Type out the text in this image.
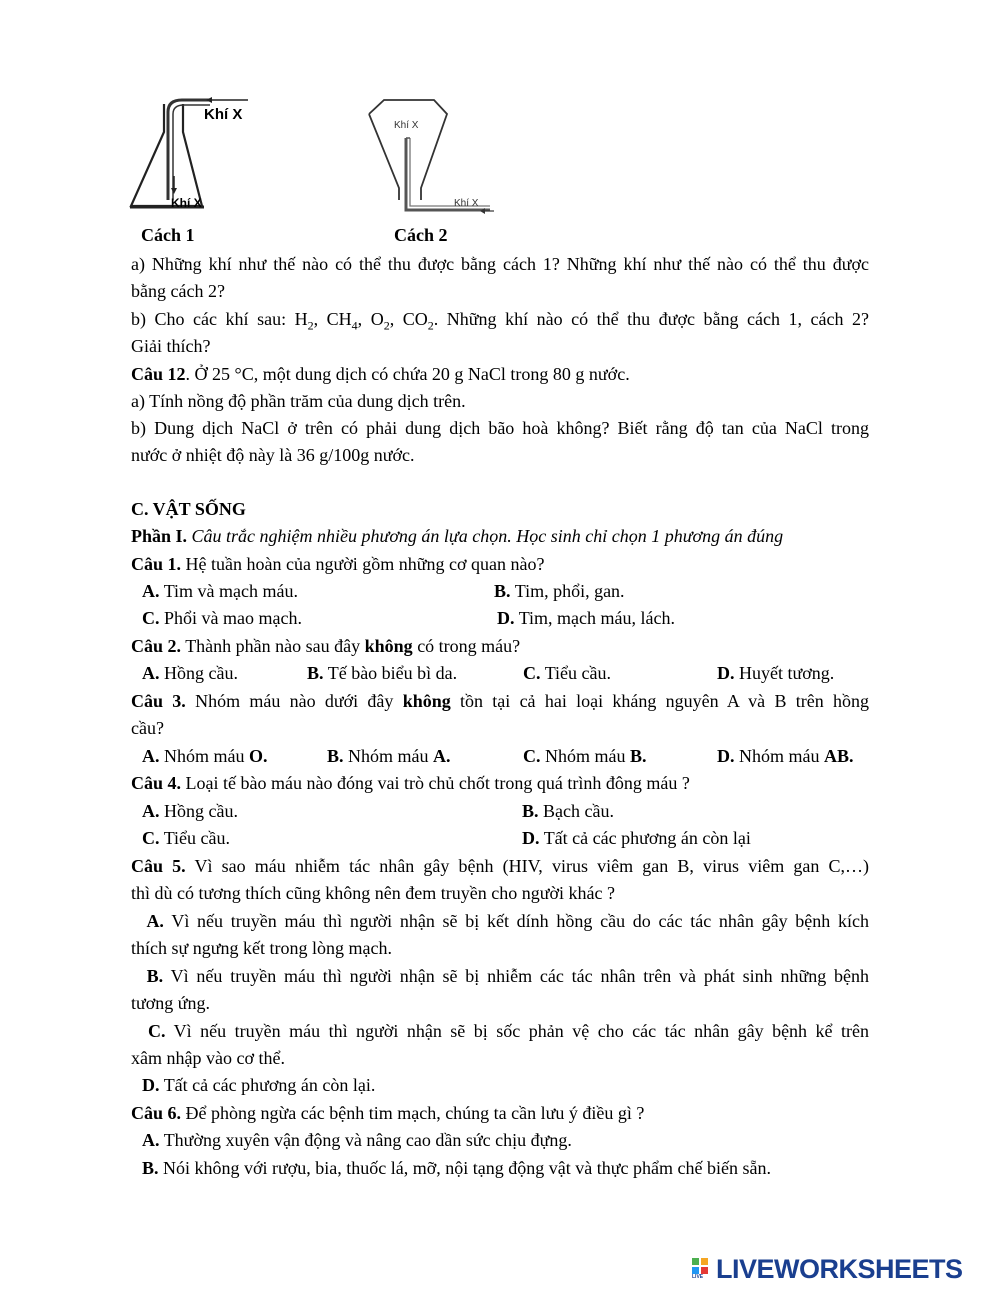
Khí X
Khí X
Khí X
Khí X
Cách 1	Cách 2
a) Những khí như thế nào có thể thu được bằng cách 1? Những khí như thế nào có thể thu được
bằng cách 2?
b) Cho các khí sau: $H_2$, $CH_4$, $O_2$, $CO_2$. Những khí nào có thể thu được bằng cách 1, cách 2?
Giải thích?
Câu 12. Ở 25 °C, một dung dịch có chứa 20 g NaCl trong 80 g nước.
a) Tính nồng độ phần trăm của dung dịch trên.
b) Dung dịch NaCl ở trên có phải dung dịch bão hoà không? Biết rằng độ tan của NaCl trong
nước ở nhiệt độ này là 36 g/100g nước.
C. VẬT SỐNG
Phần I. Câu trắc nghiệm nhiều phương án lựa chọn. Học sinh chỉ chọn 1 phương án đúng
Câu 1. Hệ tuần hoàn của người gồm những cơ quan nào?
A. Tim và mạch máu.	B. Tim, phổi, gan.
C. Phổi và mao mạch.	D. Tim, mạch máu, lách.
Câu 2. Thành phần nào sau đây không có trong máu?
A. Hồng cầu.	B. Tế bào biểu bì da.	C. Tiểu cầu.	D. Huyết tương.
Câu 3. Nhóm máu nào dưới đây không tồn tại cả hai loại kháng nguyên A và B trên hồng
cầu?
A. Nhóm máu O.	B. Nhóm máu A.	C. Nhóm máu B.	D. Nhóm máu AB.
Câu 4. Loại tế bào máu nào đóng vai trò chủ chốt trong quá trình đông máu ?
A. Hồng cầu.	B. Bạch cầu.
C. Tiểu cầu.	D. Tất cả các phương án còn lại
Câu 5. Vì sao máu nhiễm tác nhân gây bệnh (HIV, virus viêm gan B, virus viêm gan C,…)
thì dù có tương thích cũng không nên đem truyền cho người khác ?
A. Vì nếu truyền máu thì người nhận sẽ bị kết dính hồng cầu do các tác nhân gây bệnh kích
thích sự ngưng kết trong lòng mạch.
B. Vì nếu truyền máu thì người nhận sẽ bị nhiễm các tác nhân trên và phát sinh những bệnh
tương ứng.
C. Vì nếu truyền máu thì người nhận sẽ bị sốc phản vệ cho các tác nhân gây bệnh kể trên
xâm nhập vào cơ thể.
D. Tất cả các phương án còn lại.
Câu 6. Để phòng ngừa các bệnh tim mạch, chúng ta cần lưu ý điều gì ?
A. Thường xuyên vận động và nâng cao dần sức chịu đựng.
B. Nói không với rượu, bia, thuốc lá, mỡ, nội tạng động vật và thực phẩm chế biến sẵn.
LIVE LIVEWORKSHEETS
